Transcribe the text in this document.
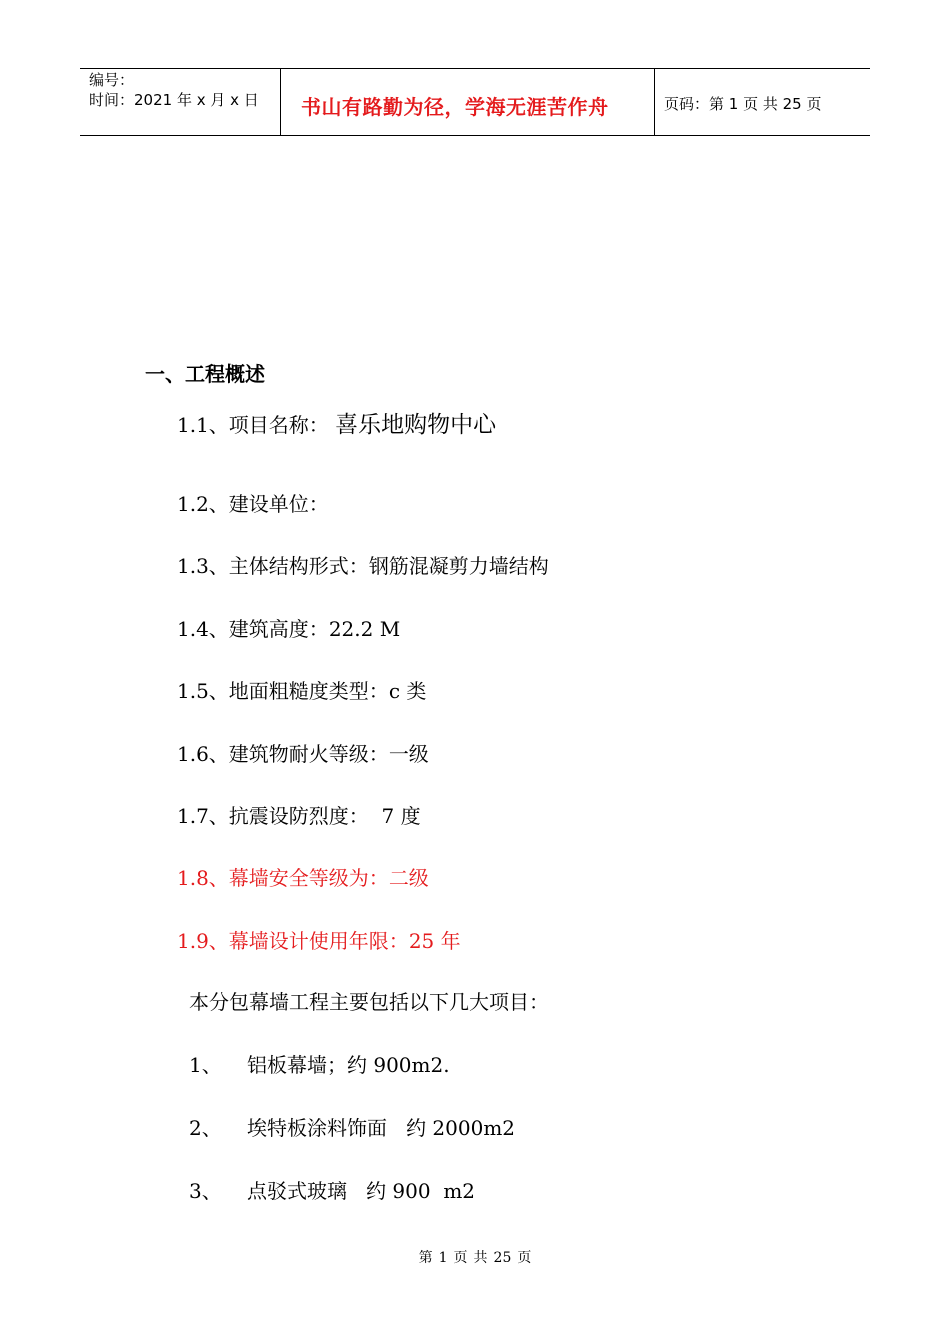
编号：
时间：2021 年 x 月 x 日	书山有路勤为径，学海无涯苦作舟	页码：第 1 页 共 25 页
一、工程概述
1.1、项目名称： 喜乐地购物中心
1.2、建设单位：
1.3、主体结构形式：钢筋混凝剪力墙结构
1.4、建筑高度：22.2 M
1.5、地面粗糙度类型：c 类
1.6、建筑物耐火等级：一级
1.7、抗震设防烈度：  7 度
1.8、幕墙安全等级为：二级
1.9、幕墙设计使用年限：25 年
本分包幕墙工程主要包括以下几大项目：
1、 铝板幕墙；约 900m2.
2、 埃特板涂料饰面   约 2000m2
3、 点驳式玻璃   约 900  m2
第 1 页 共 25 页
